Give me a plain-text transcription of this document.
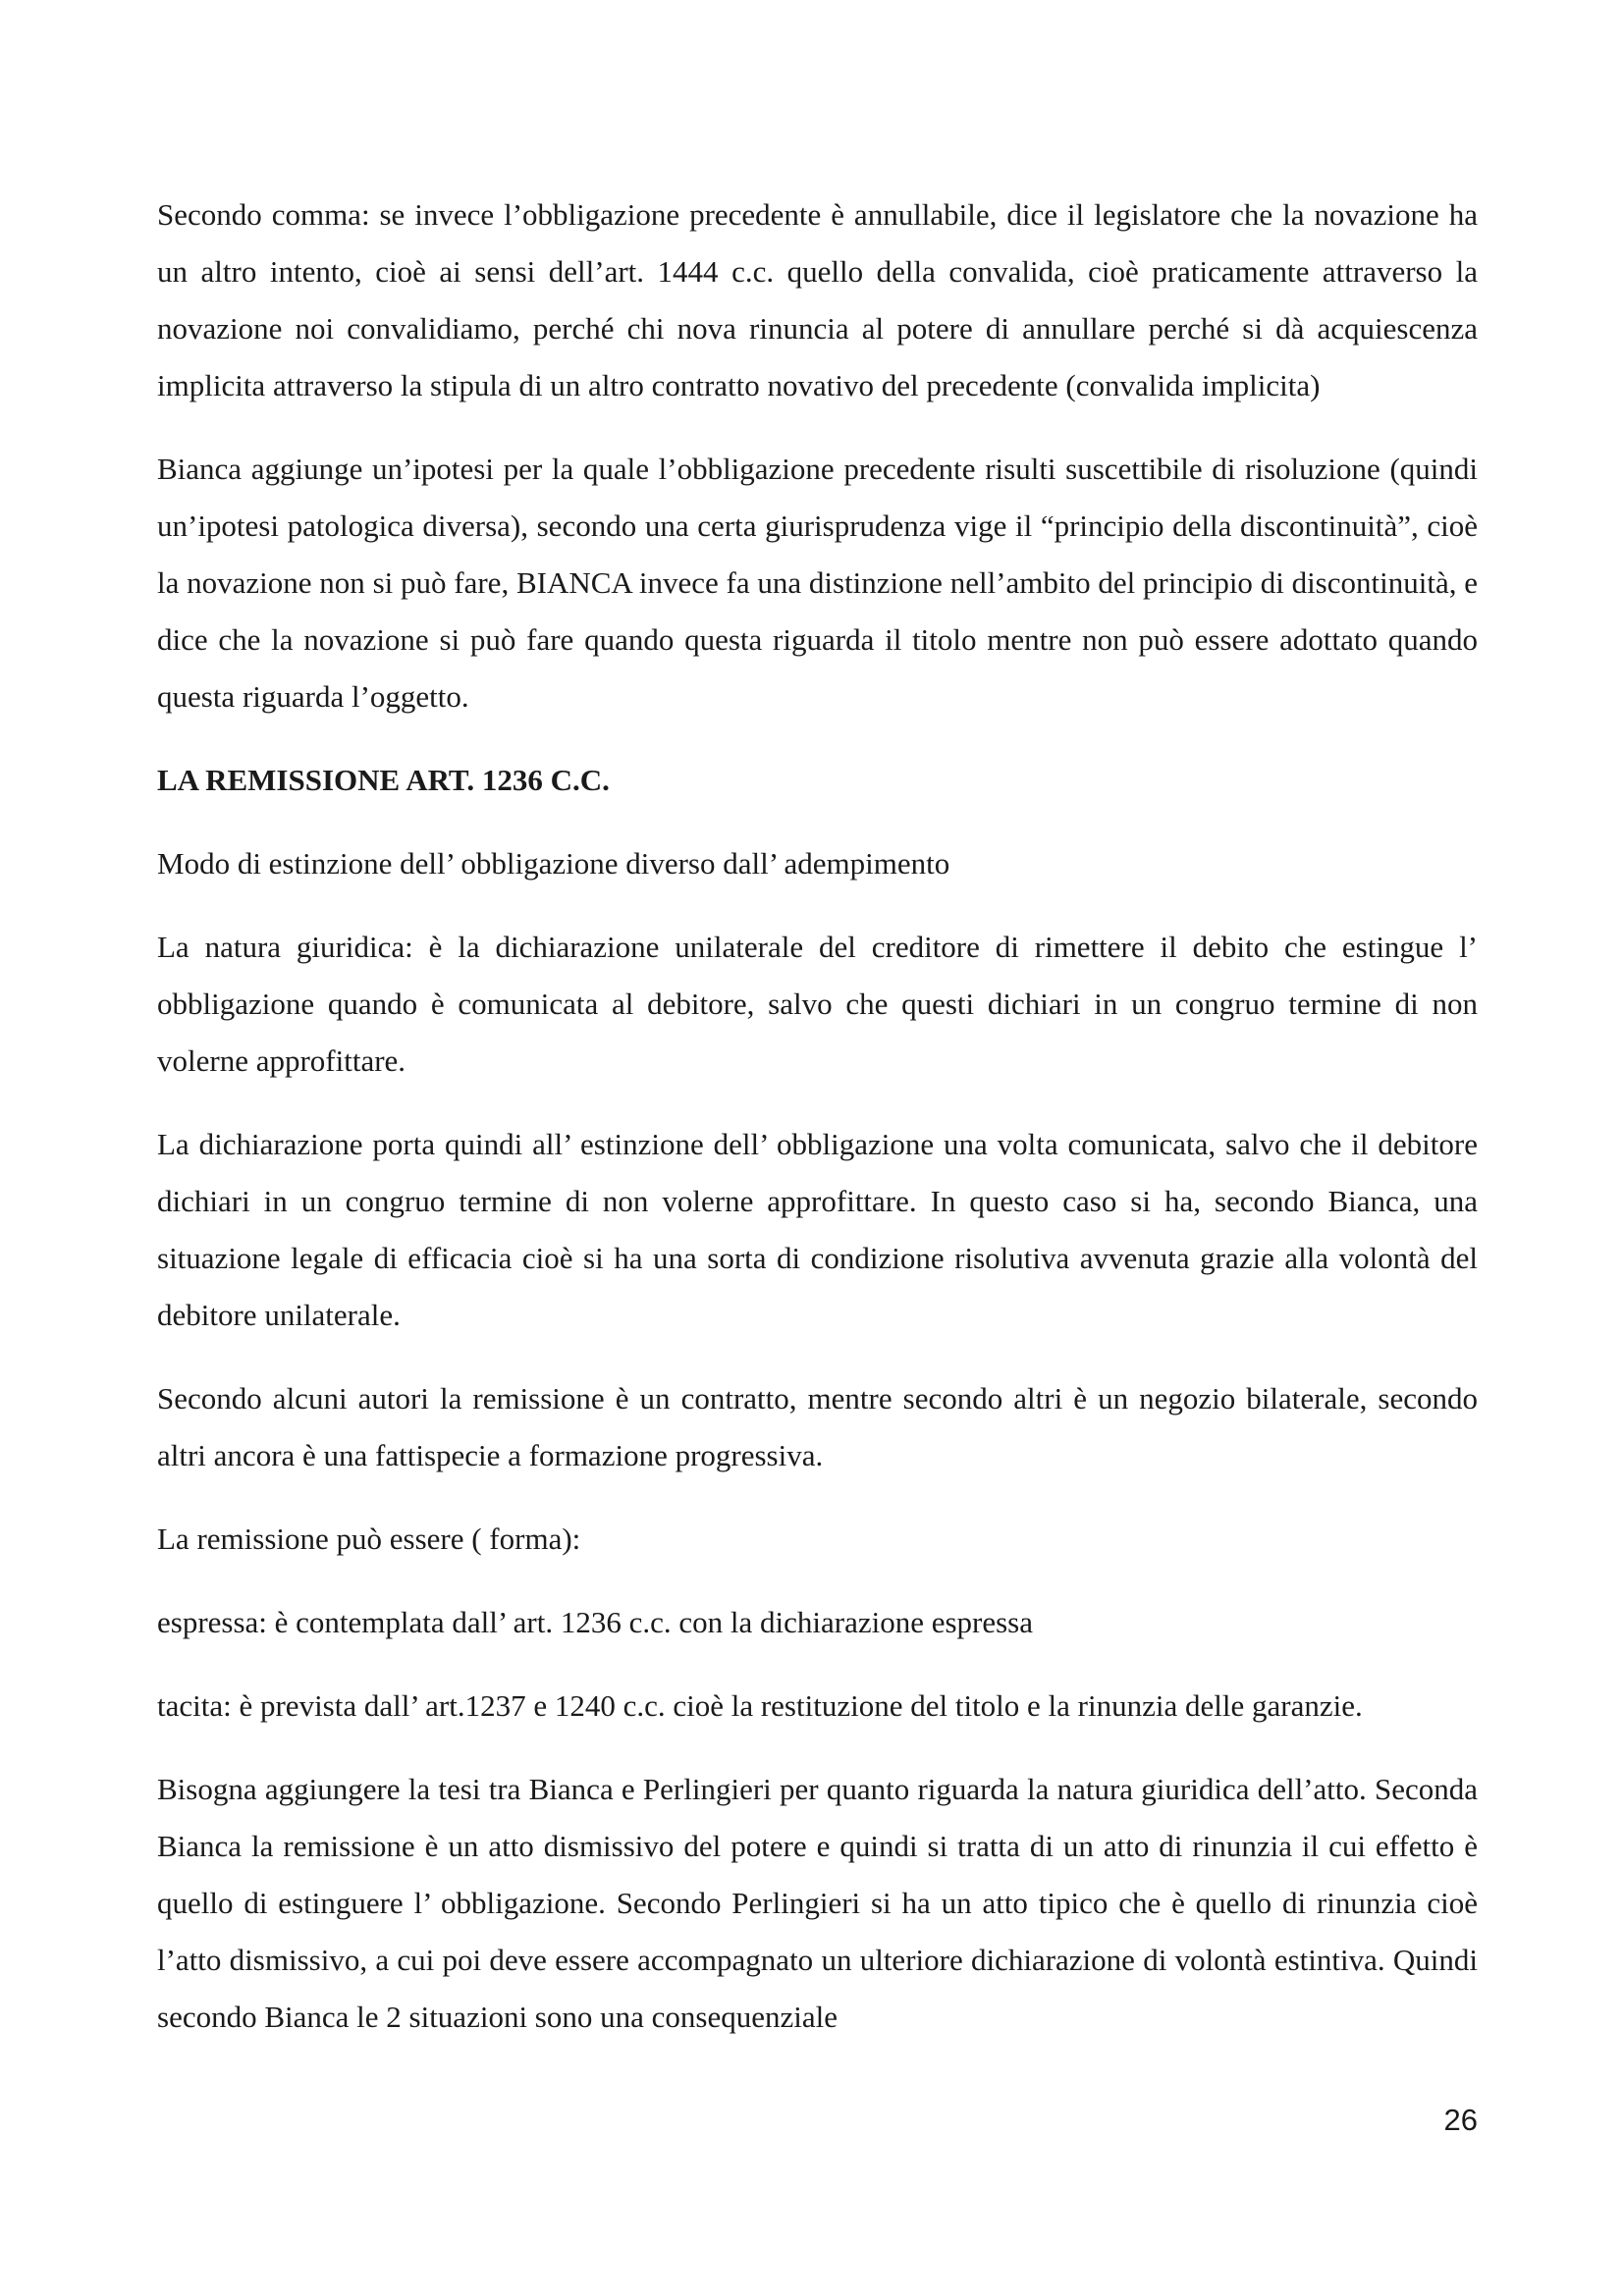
Secondo comma: se invece l’obbligazione precedente è annullabile, dice il legislatore che la novazione ha un altro intento, cioè ai sensi dell’art. 1444 c.c. quello della convalida, cioè praticamente attraverso la novazione noi convalidiamo, perché chi nova rinuncia al potere di annullare perché si dà acquiescenza implicita attraverso la stipula di un altro contratto novativo del precedente (convalida implicita)

Bianca aggiunge un’ipotesi per la quale l’obbligazione precedente risulti suscettibile di risoluzione (quindi un’ipotesi patologica diversa), secondo una certa giurisprudenza vige il “principio della discontinuità”, cioè la novazione non si può fare, BIANCA invece fa una distinzione nell’ambito del principio di discontinuità, e dice che la novazione si può fare quando questa riguarda il titolo mentre non può essere adottato quando questa riguarda l’oggetto.

LA REMISSIONE ART. 1236 C.C.

Modo di estinzione dell’ obbligazione diverso dall’ adempimento

La natura giuridica: è la dichiarazione unilaterale del creditore di rimettere il debito che estingue l’ obbligazione quando è comunicata al debitore, salvo che questi dichiari in un congruo termine di non volerne approfittare.

La dichiarazione porta quindi all’ estinzione dell’ obbligazione una volta comunicata, salvo che il debitore dichiari in un congruo termine di non volerne approfittare. In questo caso si ha, secondo Bianca, una situazione legale di efficacia cioè si ha una sorta di condizione risolutiva avvenuta grazie alla volontà del debitore unilaterale.

Secondo alcuni autori la remissione è un contratto, mentre secondo altri è un negozio bilaterale, secondo altri ancora è una fattispecie a formazione progressiva.

La remissione può essere ( forma):

espressa: è contemplata dall’ art. 1236 c.c. con la dichiarazione espressa

tacita: è prevista dall’ art.1237 e 1240 c.c. cioè la restituzione del titolo e la rinunzia delle garanzie.

Bisogna aggiungere la tesi tra Bianca e Perlingieri per quanto riguarda la natura giuridica dell’atto. Seconda Bianca la remissione è un atto dismissivo del potere e quindi si tratta di un atto di rinunzia il cui effetto è quello di estinguere l’ obbligazione. Secondo Perlingieri si ha un atto tipico che è quello di rinunzia cioè l’atto dismissivo, a cui poi deve essere accompagnato un ulteriore dichiarazione di volontà estintiva. Quindi secondo Bianca le 2 situazioni sono una consequenziale

26
